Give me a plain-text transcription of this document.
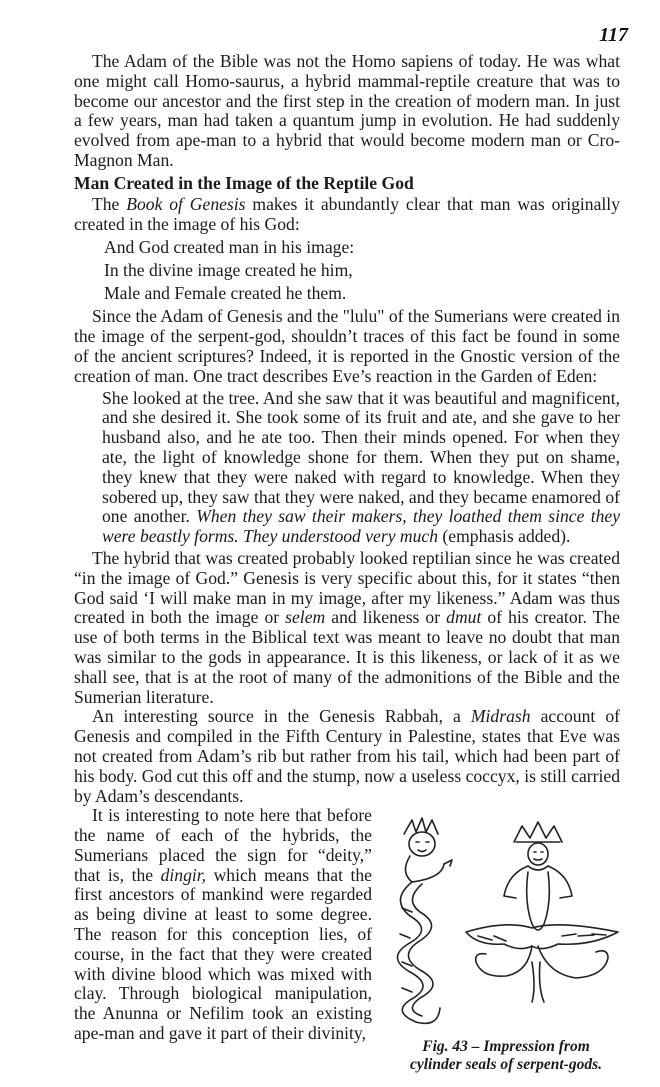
117

The Adam of the Bible was not the Homo sapiens of today. He was what one might call Homo-saurus, a hybrid mammal-reptile creature that was to become our ancestor and the first step in the creation of modern man. In just a few years, man had taken a quantum jump in evolution. He had suddenly evolved from ape-man to a hybrid that would become modern man or Cro-Magnon Man.

Man Created in the Image of the Reptile God

The Book of Genesis makes it abundantly clear that man was originally created in the image of his God:

And God created man in his image:
In the divine image created he him,
Male and Female created he them.

Since the Adam of Genesis and the "lulu" of the Sumerians were created in the image of the serpent-god, shouldn’t traces of this fact be found in some of the ancient scriptures? Indeed, it is reported in the Gnostic version of the creation of man. One tract describes Eve’s reaction in the Garden of Eden:

She looked at the tree. And she saw that it was beautiful and magnificent, and she desired it. She took some of its fruit and ate, and she gave to her husband also, and he ate too. Then their minds opened. For when they ate, the light of knowledge shone for them. When they put on shame, they knew that they were naked with regard to knowledge. When they sobered up, they saw that they were naked, and they became enamored of one another. When they saw their makers, they loathed them since they were beastly forms. They understood very much (emphasis added).

The hybrid that was created probably looked reptilian since he was created “in the image of God.” Genesis is very specific about this, for it states “then God said ‘I will make man in my image, after my likeness.” Adam was thus created in both the image or selem and likeness or dmut of his creator. The use of both terms in the Biblical text was meant to leave no doubt that man was similar to the gods in appearance. It is this likeness, or lack of it as we shall see, that is at the root of many of the admonitions of the Bible and the Sumerian literature.

An interesting source in the Genesis Rabbah, a Midrash account of Genesis and compiled in the Fifth Century in Palestine, states that Eve was not created from Adam’s rib but rather from his tail, which had been part of his body. God cut this off and the stump, now a useless coccyx, is still carried by Adam’s descendants.

Fig. 43 – Impression from
cylinder seals of serpent-gods.

It is interesting to note here that before the name of each of the hybrids, the Sumerians placed the sign for “deity,” that is, the dingir, which means that the first ancestors of mankind were regarded as being divine at least to some degree. The reason for this conception lies, of course, in the fact that they were created with divine blood which was mixed with clay. Through biological manipulation, the Anunna or Nefilim took an existing ape-man and gave it part of their divinity,
